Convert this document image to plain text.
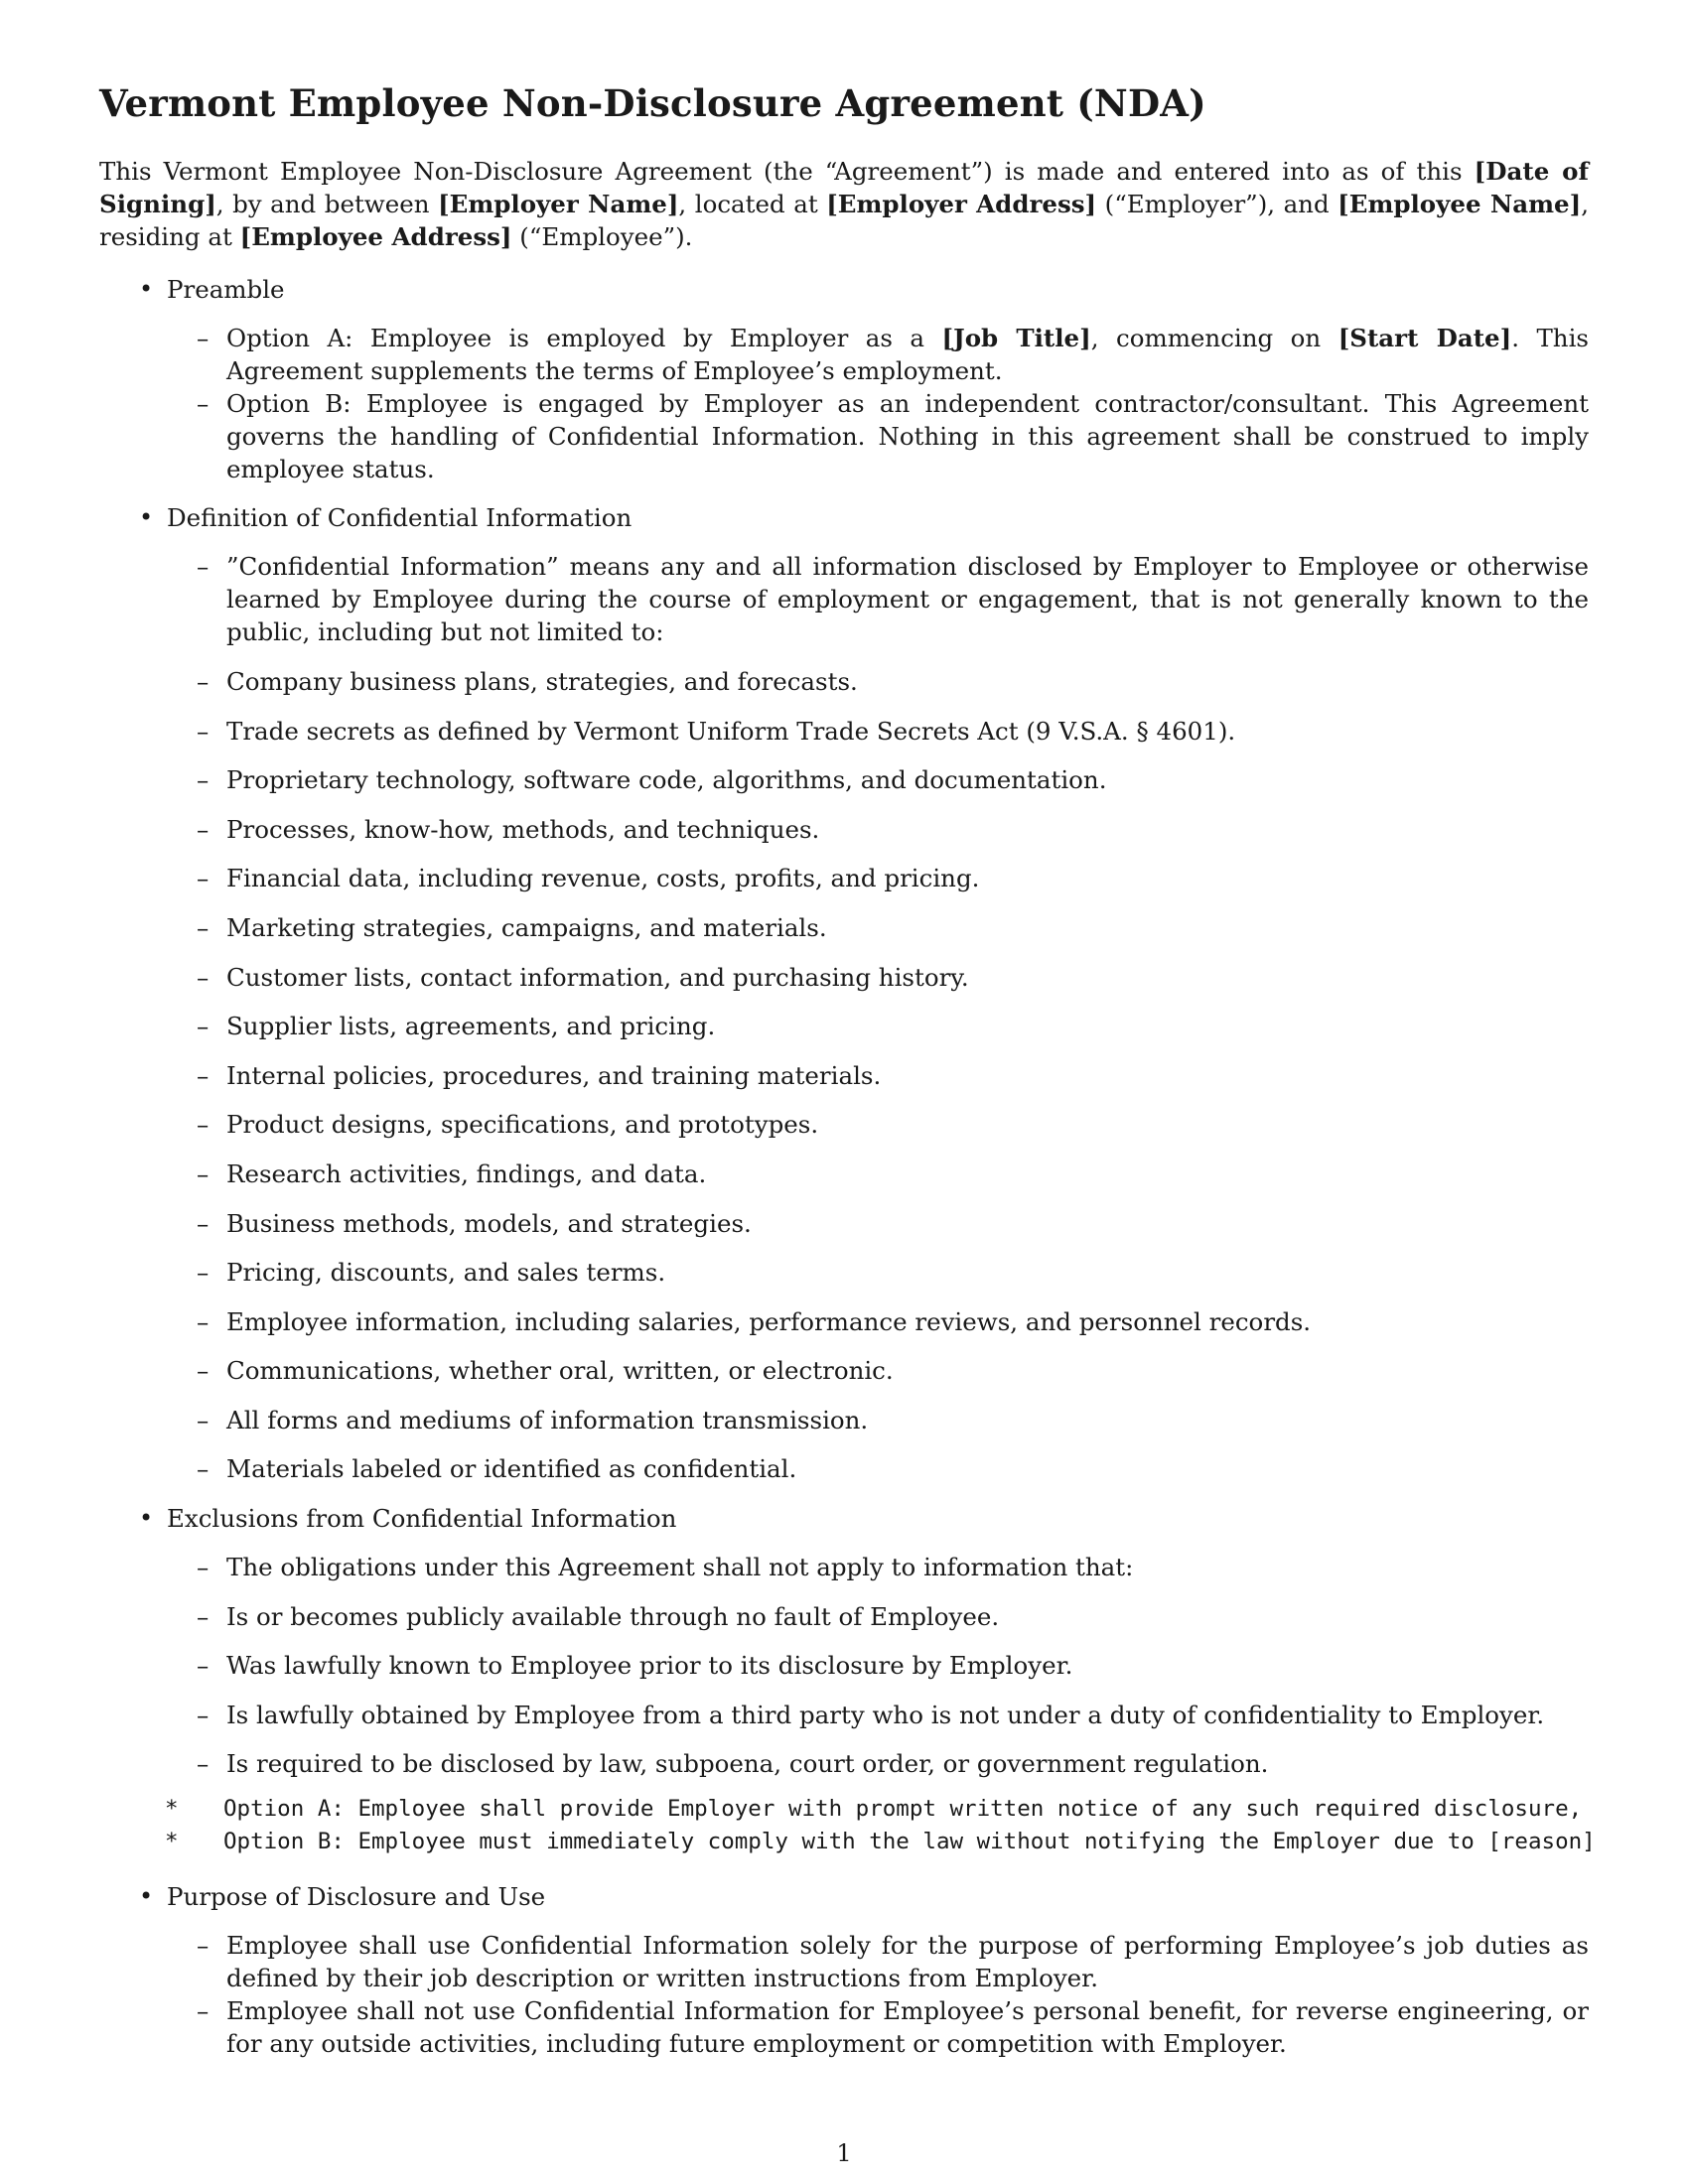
Vermont Employee Non-Disclosure Agreement (NDA)

This Vermont Employee Non-Disclosure Agreement (the “Agreement”) is made and entered into as of this [Date of Signing], by and between [Employer Name], located at [Employer Address] (“Employer”), and [Employee Name], residing at [Employee Address] (“Employee”).

• Preamble
– Option A: Employee is employed by Employer as a [Job Title], commencing on [Start Date]. This Agreement supplements the terms of Employee’s employment.
– Option B: Employee is engaged by Employer as an independent contractor/consultant. This Agreement governs the handling of Confidential Information. Nothing in this agreement shall be construed to imply employee status.
• Definition of Confidential Information
– ”Confidential Information” means any and all information disclosed by Employer to Employee or otherwise learned by Employee during the course of employment or engagement, that is not generally known to the public, including but not limited to:
– Company business plans, strategies, and forecasts.
– Trade secrets as defined by Vermont Uniform Trade Secrets Act (9 V.S.A. § 4601).
– Proprietary technology, software code, algorithms, and documentation.
– Processes, know-how, methods, and techniques.
– Financial data, including revenue, costs, profits, and pricing.
– Marketing strategies, campaigns, and materials.
– Customer lists, contact information, and purchasing history.
– Supplier lists, agreements, and pricing.
– Internal policies, procedures, and training materials.
– Product designs, specifications, and prototypes.
– Research activities, findings, and data.
– Business methods, models, and strategies.
– Pricing, discounts, and sales terms.
– Employee information, including salaries, performance reviews, and personnel records.
– Communications, whether oral, written, or electronic.
– All forms and mediums of information transmission.
– Materials labeled or identified as confidential.
• Exclusions from Confidential Information
– The obligations under this Agreement shall not apply to information that:
– Is or becomes publicly available through no fault of Employee.
– Was lawfully known to Employee prior to its disclosure by Employer.
– Is lawfully obtained by Employee from a third party who is not under a duty of confidentiality to Employer.
– Is required to be disclosed by law, subpoena, court order, or government regulation.
* Option A: Employee shall provide Employer with prompt written notice of any such required disclosure,
* Option B: Employee must immediately comply with the law without notifying the Employer due to [reason]
• Purpose of Disclosure and Use
– Employee shall use Confidential Information solely for the purpose of performing Employee’s job duties as defined by their job description or written instructions from Employer.
– Employee shall not use Confidential Information for Employee’s personal benefit, for reverse engineering, or for any outside activities, including future employment or competition with Employer.
1
